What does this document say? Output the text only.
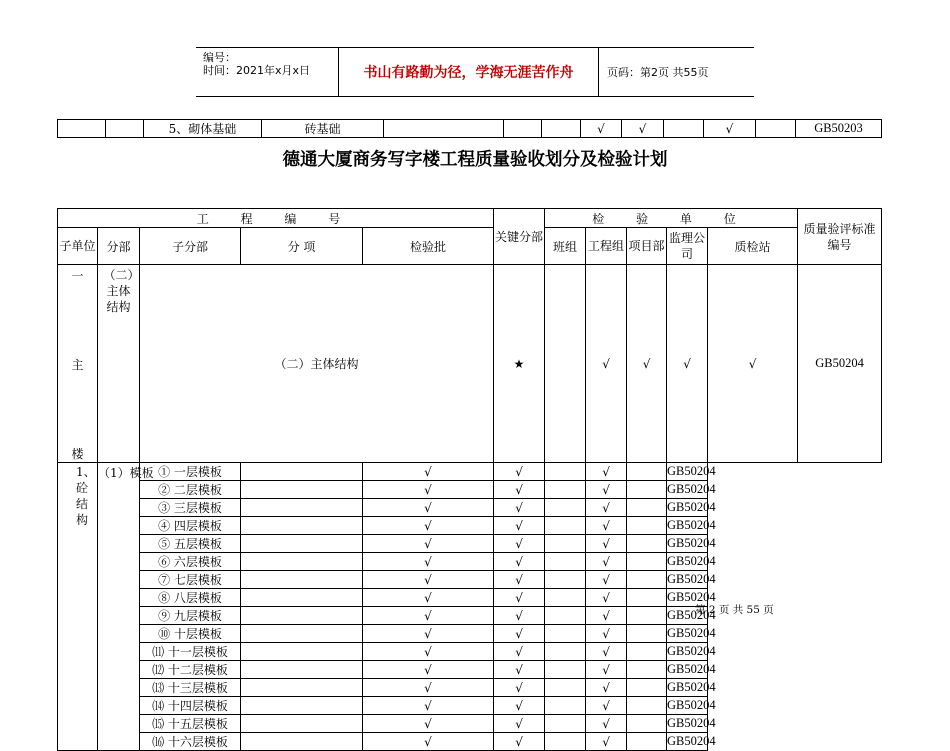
编号：
时间：2021年x月x日	书山有路勤为径，学海无涯苦作舟	页码：第2页 共55页
		5、砌体基础	砖基础				√	√		√		GB50203
德通大厦商务写字楼工程质量验收划分及检验计划
工 程 编 号					关键分部	检 验 单 位					质量验评标准编号
子单位	分部	子分部	分 项	检验批		班组	工程组	项目部	监理公司	质检站	

一
主
楼	（二）主体结构	（二）主体结构			★		√	√	√	√	GB50204
1、 砼结构	（1）模板	① 一层模板		√	√		√		GB50204		
		② 二层模板		√	√		√		GB50204		
		③ 三层模板		√	√		√		GB50204		
		④ 四层模板		√	√		√		GB50204		
		⑤ 五层模板		√	√		√		GB50204		
		⑥ 六层模板		√	√		√		GB50204		
		⑦ 七层模板		√	√		√		GB50204		
		⑧ 八层模板		√	√		√		GB50204		
		⑨ 九层模板		√	√		√		GB50204		
		⑩ 十层模板		√	√		√		GB50204		
		⑾ 十一层模板		√	√		√		GB50204		
		⑿ 十二层模板		√	√		√		GB50204		
		⒀ 十三层模板		√	√		√		GB50204		
		⒁ 十四层模板		√	√		√		GB50204		
		⒂ 十五层模板		√	√		√		GB50204		
		⒃ 十六层模板		√	√		√		GB50204		
第 2 页 共 55 页
